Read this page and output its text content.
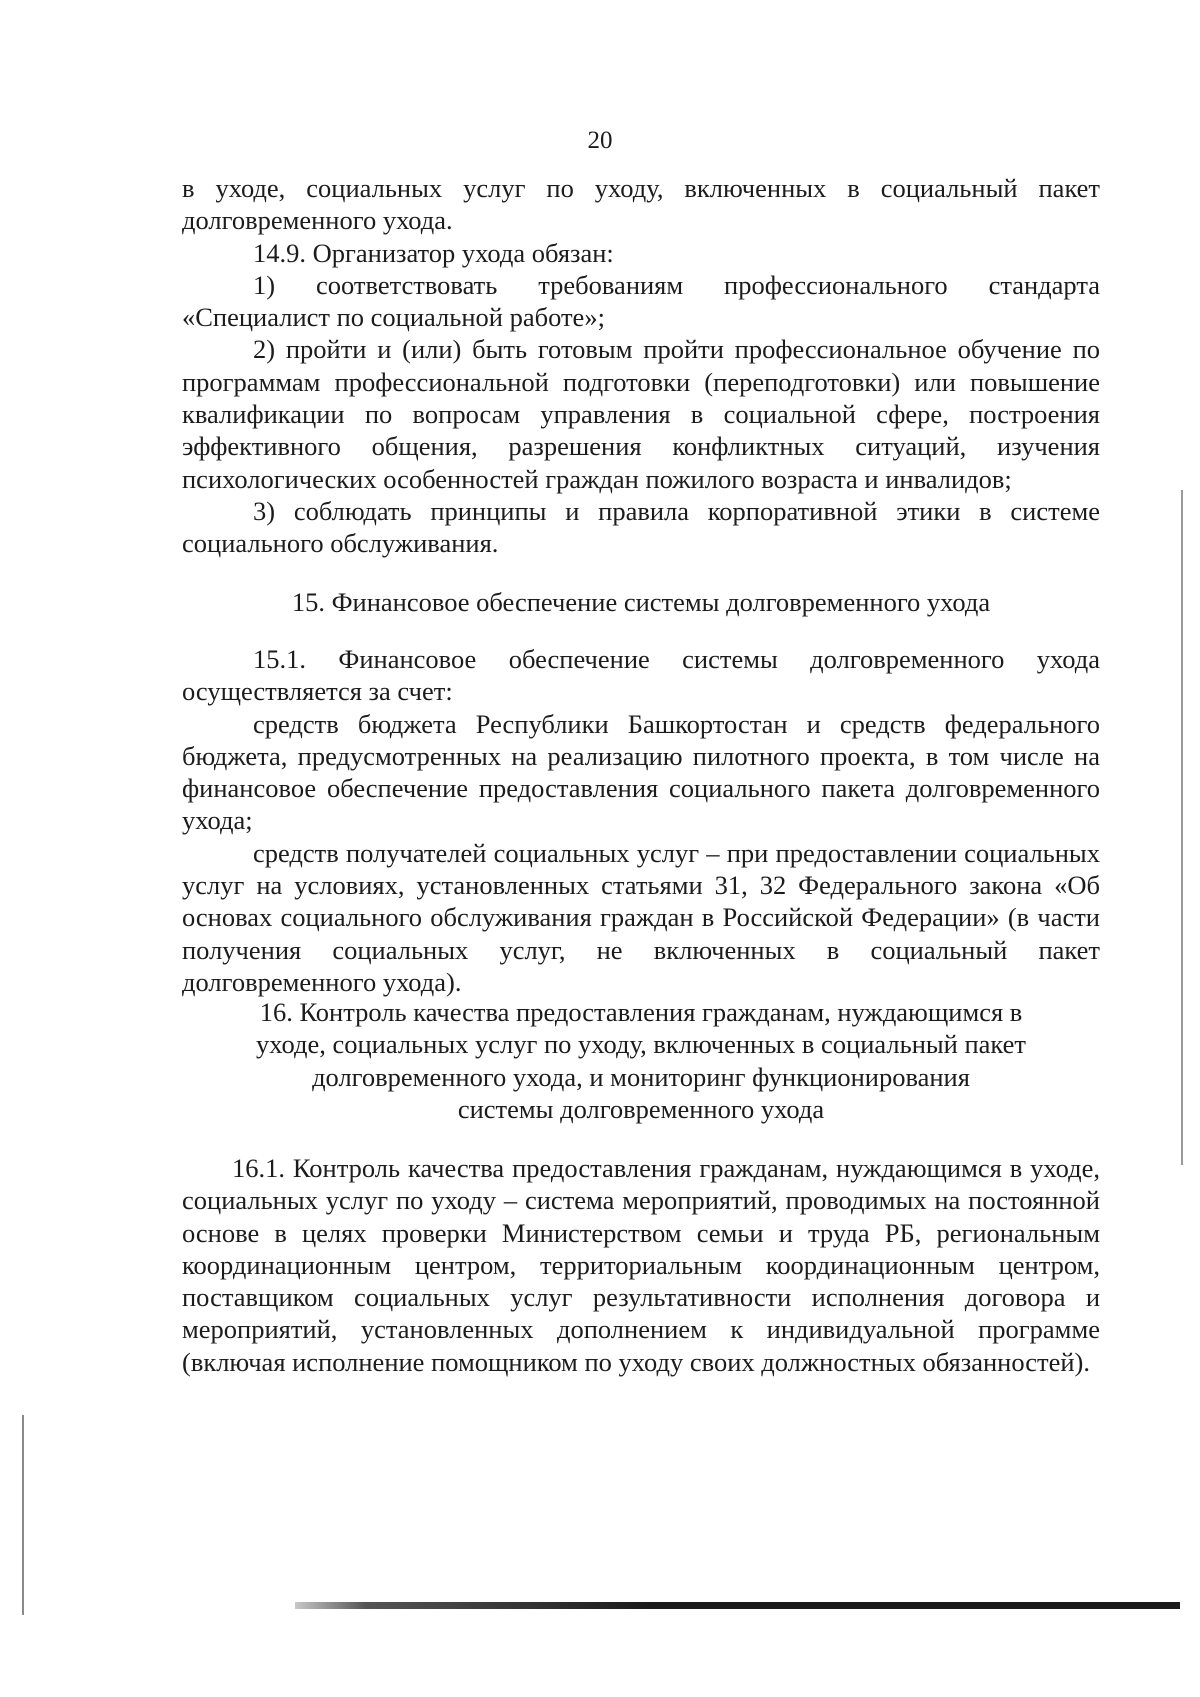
20

в уходе, социальных услуг по уходу, включенных в социальный пакет долговременного ухода.

14.9. Организатор ухода обязан:

1) соответствовать требованиям профессионального стандарта «Специалист по социальной работе»;

2) пройти и (или) быть готовым пройти профессиональное обучение по программам профессиональной подготовки (переподготовки) или повышение квалификации по вопросам управления в социальной сфере, построения эффективного общения, разрешения конфликтных ситуаций, изучения психологических особенностей граждан пожилого возраста и инвалидов;

3) соблюдать принципы и правила корпоративной этики в системе социального обслуживания.

15. Финансовое обеспечение системы долговременного ухода

15.1. Финансовое обеспечение системы долговременного ухода осуществляется за счет:

средств бюджета Республики Башкортостан и средств федерального бюджета, предусмотренных на реализацию пилотного проекта, в том числе на финансовое обеспечение предоставления социального пакета долговременного ухода;

средств получателей социальных услуг – при предоставлении социальных услуг на условиях, установленных статьями 31, 32 Федерального закона «Об основах социального обслуживания граждан в Российской Федерации» (в части получения социальных услуг, не включенных в социальный пакет долговременного ухода).

16. Контроль качества предоставления гражданам, нуждающимся в
уходе, социальных услуг по уходу, включенных в социальный пакет
долговременного ухода, и мониторинг функционирования
системы долговременного ухода

16.1. Контроль качества предоставления гражданам, нуждающимся в уходе, социальных услуг по уходу – система мероприятий, проводимых на постоянной основе в целях проверки Министерством семьи и труда РБ, региональным координационным центром, территориальным координационным центром, поставщиком социальных услуг результативности исполнения договора и мероприятий, установленных дополнением к индивидуальной программе (включая исполнение помощником по уходу своих должностных обязанностей).
